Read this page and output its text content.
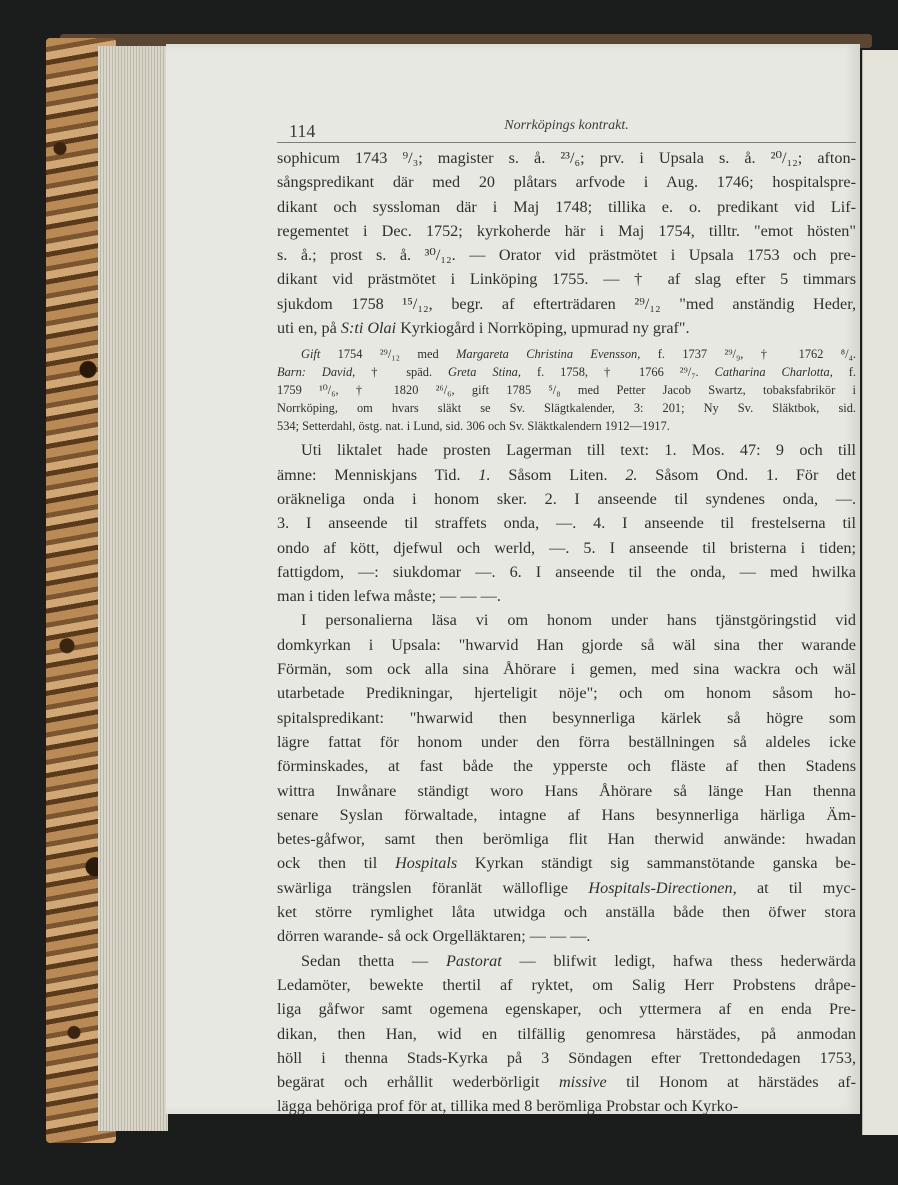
114	Norrköpings kontrakt.
sophicum 1743 ⁹/₃; magister s. å. ²³/₆; prv. i Upsala s. å. ²⁰/₁₂; afton-
sångspredikant där med 20 plåtars arfvode i Aug. 1746; hospitalspre-
dikant och syssloman där i Maj 1748; tillika e. o. predikant vid Lif-
regementet i Dec. 1752; kyrkoherde här i Maj 1754, tilltr. "emot hösten"
s. å.; prost s. å. ³⁰/₁₂. — Orator vid prästmötet i Upsala 1753 och pre-
dikant vid prästmötet i Linköping 1755. — † af slag efter 5 timmars
sjukdom 1758 ¹⁵/₁₂, begr. af efterträdaren ²⁹/₁₂ "med anständig Heder,
uti en, på S:ti Olai Kyrkiogård i Norrköping, upmurad ny graf".
Gift 1754 ²⁹/₁₂ med Margareta Christina Evensson, f. 1737 ²⁹/₉, † 1762 ⁸/₄.
Barn: David, † späd. Greta Stina, f. 1758, † 1766 ²⁹/₇. Catharina Charlotta, f.
1759 ¹⁰/₆, † 1820 ²⁶/₆, gift 1785 ⁵/₈ med Petter Jacob Swartz, tobaksfabrikör i
Norrköping, om hvars släkt se Sv. Slägtkalender, 3: 201; Ny Sv. Släktbok, sid.
534; Setterdahl, östg. nat. i Lund, sid. 306 och Sv. Släktkalendern 1912—1917.
Uti liktalet hade prosten Lagerman till text: 1. Mos. 47: 9 och till
ämne: Menniskjans Tid. 1. Såsom Liten. 2. Såsom Ond. 1. För det
oräkneliga onda i honom sker. 2. I anseende til syndenes onda, —.
3. I anseende til straffets onda, —. 4. I anseende til frestelserna til
ondo af kött, djefwul och werld, —. 5. I anseende til bristerna i tiden;
fattigdom, —: siukdomar —. 6. I anseende til the onda, — med hwilka
man i tiden lefwa måste; — — —.
I personalierna läsa vi om honom under hans tjänstgöringstid vid
domkyrkan i Upsala: "hwarvid Han gjorde så wäl sina ther warande
Förmän, som ock alla sina Åhörare i gemen, med sina wackra och wäl
utarbetade Predikningar, hjerteligit nöje"; och om honom såsom ho-
spitalspredikant: "hwarwid then besynnerliga kärlek så högre som
lägre fattat för honom under den förra beställningen så aldeles icke
förminskades, at fast både the ypperste och fläste af then Stadens
wittra Inwånare ständigt woro Hans Åhörare så länge Han thenna
senare Syslan förwaltade, intagne af Hans besynnerliga härliga Äm-
betes-gåfwor, samt then berömliga flit Han therwid anwände: hwadan
ock then til Hospitals Kyrkan ständigt sig sammanstötande ganska be-
swärliga trängslen föranlät wälloflige Hospitals-Directionen, at til myc-
ket större rymlighet låta utwidga och anställa både then öfwer stora
dörren warande- så ock Orgelläktaren; — — —.
Sedan thetta — Pastorat — blifwit ledigt, hafwa thess hederwärda
Ledamöter, bewekte thertil af ryktet, om Salig Herr Probstens dråpe-
liga gåfwor samt ogemena egenskaper, och yttermera af en enda Pre-
dikan, then Han, wid en tilfällig genomresa härstädes, på anmodan
höll i thenna Stads-Kyrka på 3 Söndagen efter Trettondedagen 1753,
begärat och erhållit wederbörligit missive til Honom at härstädes af-
lägga behöriga prof för at, tillika med 8 berömliga Probstar och Kyrko-
